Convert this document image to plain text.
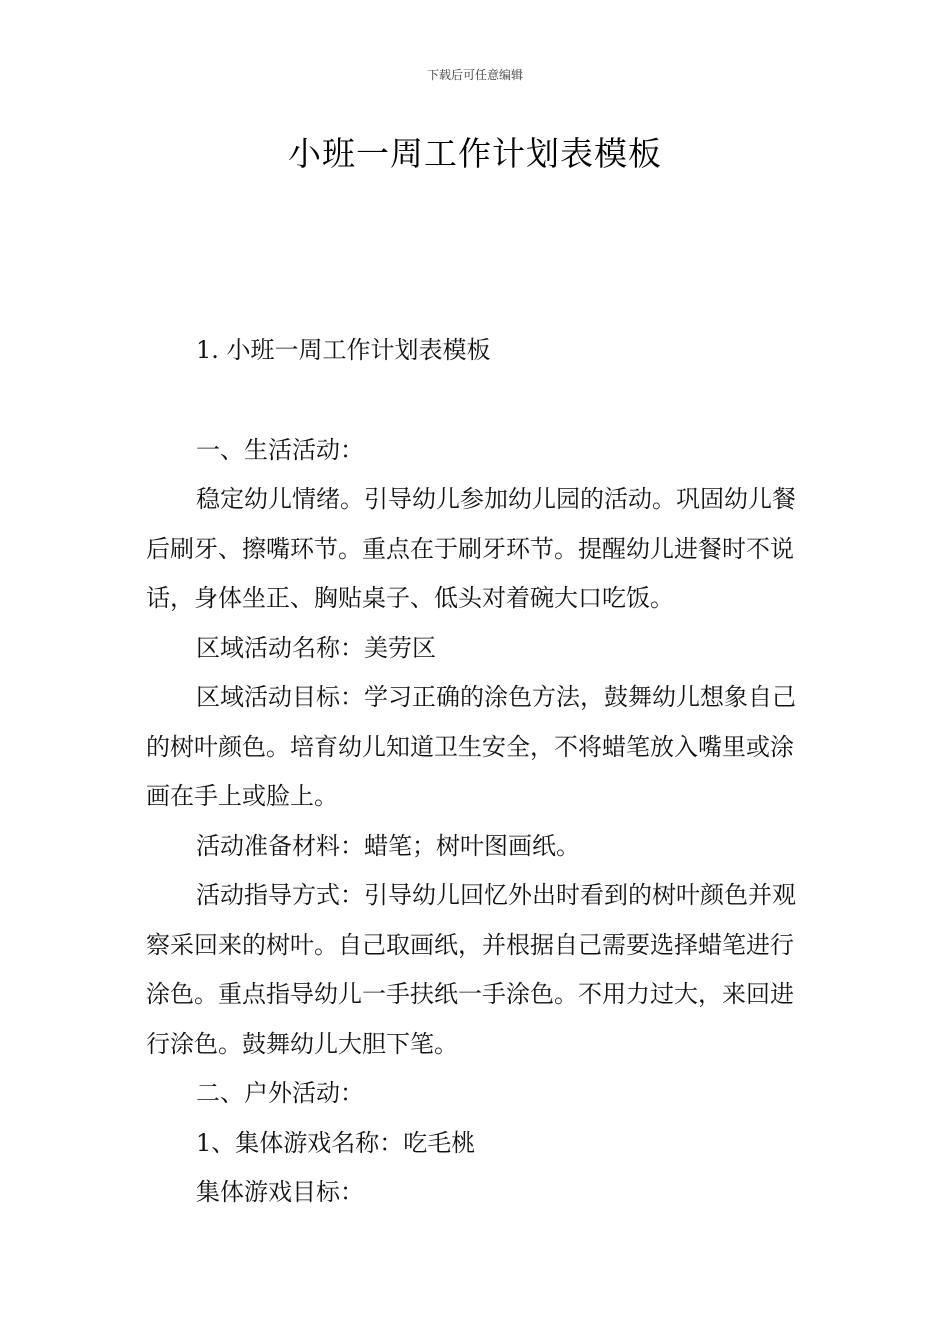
下载后可任意编辑
小班一周工作计划表模板

1. 小班一周工作计划表模板

一、生活活动：

稳定幼儿情绪。引导幼儿参加幼儿园的活动。巩固幼儿餐后刷牙、擦嘴环节。重点在于刷牙环节。提醒幼儿进餐时不说话，身体坐正、胸贴桌子、低头对着碗大口吃饭。

区域活动名称：美劳区

区域活动目标：学习正确的涂色方法，鼓舞幼儿想象自己的树叶颜色。培育幼儿知道卫生安全，不将蜡笔放入嘴里或涂画在手上或脸上。

活动准备材料：蜡笔；树叶图画纸。

活动指导方式：引导幼儿回忆外出时看到的树叶颜色并观察采回来的树叶。自己取画纸，并根据自己需要选择蜡笔进行涂色。重点指导幼儿一手扶纸一手涂色。不用力过大，来回进行涂色。鼓舞幼儿大胆下笔。

二、户外活动：

1、集体游戏名称：吃毛桃

集体游戏目标：
